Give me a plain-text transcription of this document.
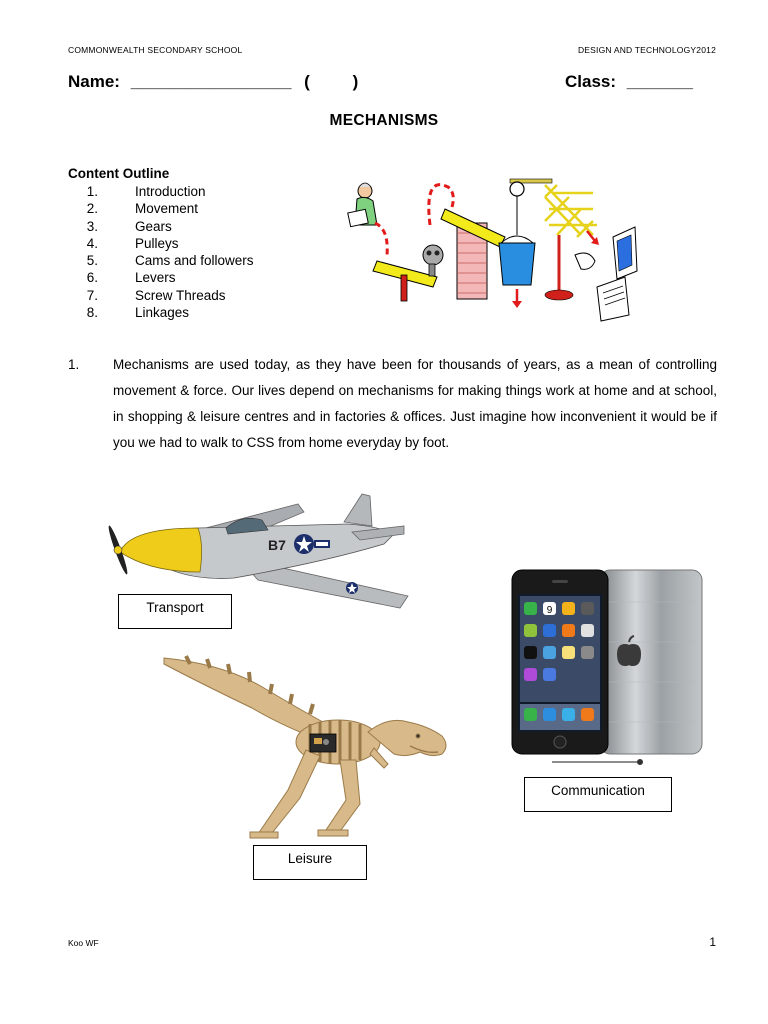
COMMONWEALTH SECONDARY SCHOOL	DESIGN AND TECHNOLOGY2012
Name: _________________ (	)	Class: _______
MECHANISMS
Content Outline
1.	Introduction
2.	Movement
3.	Gears
4.	Pulleys
5.	Cams and followers
6.	Levers
7.	Screw Threads
8.	Linkages
1. Mechanisms are used today, as they have been for thousands of years, as a mean of controlling movement & force. Our lives depend on mechanisms for making things work at home and at school, in shopping & leisure centres and in factories & offices. Just imagine how inconvenient it would be if you we had to walk to CSS from home everyday by foot.
B7
Transport
Leisure
9
Communication
Koo WF	1
